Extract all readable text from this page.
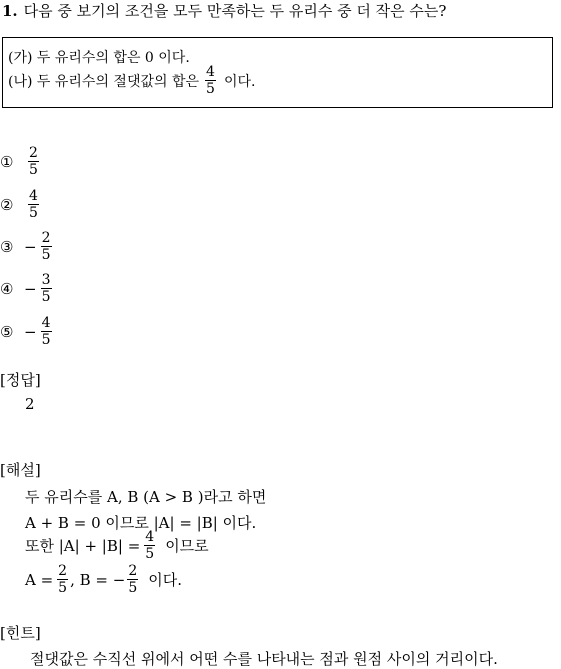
1. 다음 중 보기의 조건을 모두 만족하는 두 유리수 중 더 작은 수는?
(가) 두 유리수의 합은 0 이다.
(나) 두 유리수의 절댓값의 합은 $\frac{4}{5}$ 이다.
①	$\frac{2}{5}$
②	$\frac{4}{5}$
③ − $\frac{2}{5}$
④ − $\frac{3}{5}$
⑤ − $\frac{4}{5}$
[정답]
2
[해설]
두 유리수를 A, B (A > B )라고 하면
A + B = 0 이므로 |A| = |B| 이다.
또한 $|A| + |B| = \frac{4}{5}$ 이므로
$A = \frac{2}{5}$ , B = − $\frac{2}{5}$ 이다.
[힌트]
절댓값은 수직선 위에서 어떤 수를 나타내는 점과 원점 사이의 거리이다.
